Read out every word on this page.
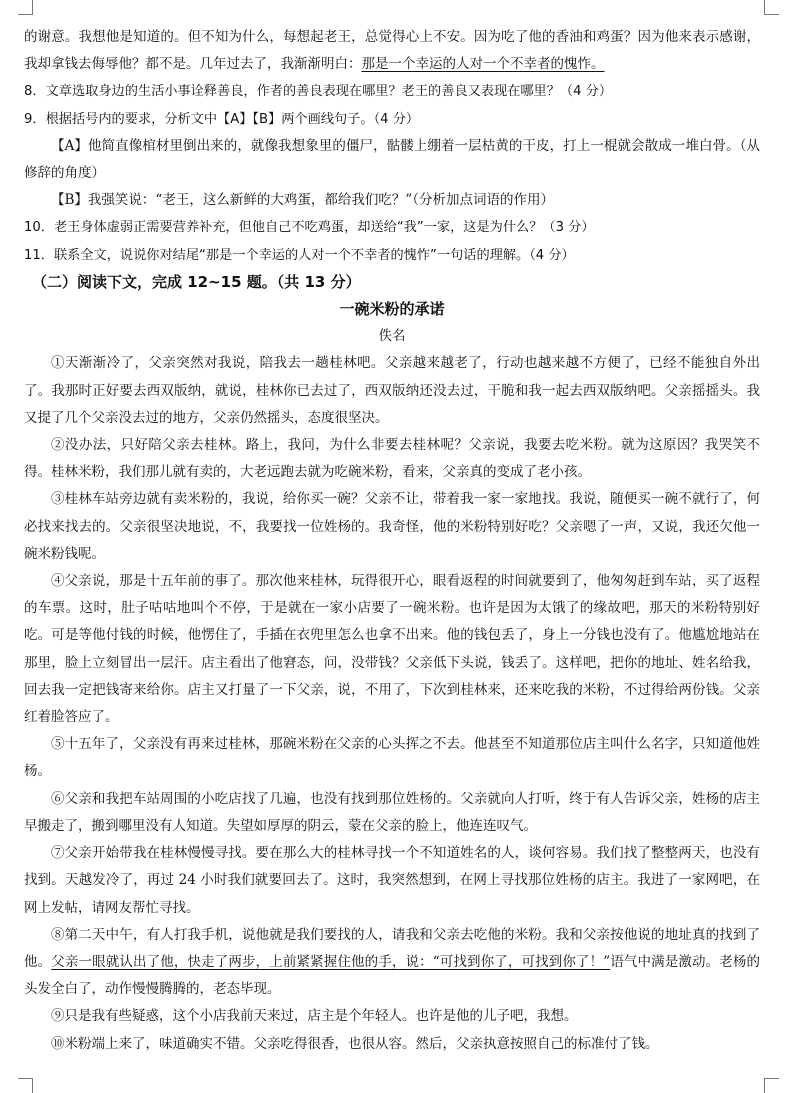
的谢意。我想他是知道的。但不知为什么，每想起老王，总觉得心上不安。因为吃了他的香油和鸡蛋？因为他来表示感谢，我却拿钱去侮辱他？都不是。几年过去了，我渐渐明白：那是一个幸运的人对一个不幸者的愧怍。

8．文章选取身边的生活小事诠释善良，作者的善良表现在哪里？老王的善良又表现在哪里？（4 分）

9．根据括号内的要求，分析文中【A】【B】两个画线句子。（4 分）

【A】他简直像棺材里倒出来的，就像我想象里的僵尸，骷髅上绷着一层枯黄的干皮，打上一棍就会散成一堆白骨。（从修辞的角度）

【B】我强笑说：“老王，这么新鲜的大鸡蛋，都给我们吃？”（分析加点词语的作用）

10．老王身体虚弱正需要营养补充，但他自己不吃鸡蛋，却送给“我”一家，这是为什么？（3 分）

11．联系全文，说说你对结尾“那是一个幸运的人对一个不幸者的愧怍”一句话的理解。（4 分）

（二）阅读下文，完成 12~15 题。（共 13 分）

一碗米粉的承诺

佚名

①天渐渐冷了，父亲突然对我说，陪我去一趟桂林吧。父亲越来越老了，行动也越来越不方便了，已经不能独自外出了。我那时正好要去西双版纳，就说，桂林你已去过了，西双版纳还没去过，干脆和我一起去西双版纳吧。父亲摇摇头。我又提了几个父亲没去过的地方，父亲仍然摇头，态度很坚决。

②没办法，只好陪父亲去桂林。路上，我问，为什么非要去桂林呢？父亲说，我要去吃米粉。就为这原因？我哭笑不得。桂林米粉，我们那儿就有卖的，大老远跑去就为吃碗米粉，看来，父亲真的变成了老小孩。

③桂林车站旁边就有卖米粉的，我说，给你买一碗？父亲不让，带着我一家一家地找。我说，随便买一碗不就行了，何必找来找去的。父亲很坚决地说，不，我要找一位姓杨的。我奇怪，他的米粉特别好吃？父亲嗯了一声，又说，我还欠他一碗米粉钱呢。

④父亲说，那是十五年前的事了。那次他来桂林，玩得很开心，眼看返程的时间就要到了，他匆匆赶到车站，买了返程的车票。这时，肚子咕咕地叫个不停，于是就在一家小店要了一碗米粉。也许是因为太饿了的缘故吧，那天的米粉特别好吃。可是等他付钱的时候，他愣住了，手插在衣兜里怎么也拿不出来。他的钱包丢了，身上一分钱也没有了。他尴尬地站在那里，脸上立刻冒出一层汗。店主看出了他窘态，问，没带钱？父亲低下头说，钱丢了。这样吧，把你的地址、姓名给我，回去我一定把钱寄来给你。店主又打量了一下父亲，说，不用了，下次到桂林来，还来吃我的米粉，不过得给两份钱。父亲红着脸答应了。

⑤十五年了，父亲没有再来过桂林，那碗米粉在父亲的心头挥之不去。他甚至不知道那位店主叫什么名字，只知道他姓杨。

⑥父亲和我把车站周围的小吃店找了几遍，也没有找到那位姓杨的。父亲就向人打听，终于有人告诉父亲，姓杨的店主早搬走了，搬到哪里没有人知道。失望如厚厚的阴云，蒙在父亲的脸上，他连连叹气。

⑦父亲开始带我在桂林慢慢寻找。要在那么大的桂林寻找一个不知道姓名的人，谈何容易。我们找了整整两天，也没有找到。天越发冷了，再过 24 小时我们就要回去了。这时，我突然想到，在网上寻找那位姓杨的店主。我进了一家网吧，在网上发帖，请网友帮忙寻找。

⑧第二天中午，有人打我手机，说他就是我们要找的人，请我和父亲去吃他的米粉。我和父亲按他说的地址真的找到了他。父亲一眼就认出了他，快走了两步，上前紧紧握住他的手，说：“可找到你了，可找到你了！”语气中满是激动。老杨的头发全白了，动作慢慢腾腾的，老态毕现。

⑨只是我有些疑惑，这个小店我前天来过，店主是个年轻人。也许是他的儿子吧，我想。

⑩米粉端上来了，味道确实不错。父亲吃得很香，也很从容。然后，父亲执意按照自己的标准付了钱。
